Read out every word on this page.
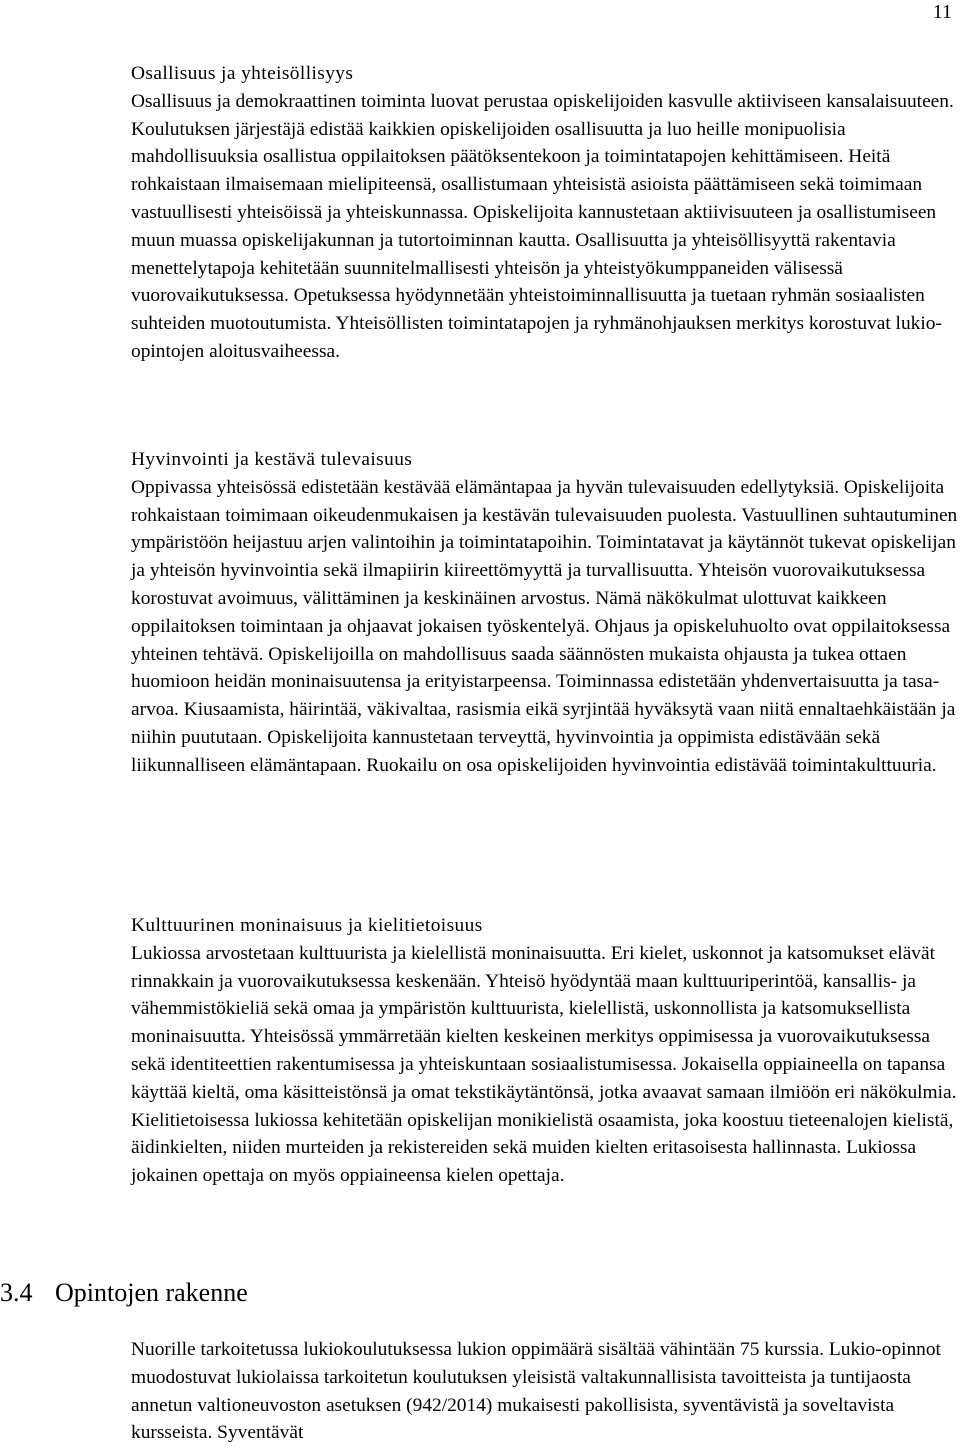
11

Osallisuus ja yhteisöllisyys

Osallisuus ja demokraattinen toiminta luovat perustaa opiskelijoiden kasvulle aktiiviseen kansalaisuuteen. Koulutuksen järjestäjä edistää kaikkien opiskelijoiden osallisuutta ja luo heille monipuolisia mahdollisuuksia osallistua oppilaitoksen päätöksentekoon ja toimintatapojen kehittämiseen. Heitä rohkaistaan ilmaisemaan mielipiteensä, osallistumaan yhteisistä asioista päättämiseen sekä toimimaan vastuullisesti yhteisöissä ja yhteiskunnassa. Opiskelijoita kannustetaan aktiivisuuteen ja osallistumiseen muun muassa opiskelijakunnan ja tutortoiminnan kautta. Osallisuutta ja yhteisöllisyyttä rakentavia menettelytapoja kehitetään suunnitelmallisesti yhteisön ja yhteistyökumppaneiden välisessä vuorovaikutuksessa. Opetuksessa hyödynnetään yhteistoiminnallisuutta ja tuetaan ryhmän sosiaalisten suhteiden muotoutumista. Yhteisöllisten toimintatapojen ja ryhmänohjauksen merkitys korostuvat lukio-opintojen aloitusvaiheessa.

Hyvinvointi ja kestävä tulevaisuus

Oppivassa yhteisössä edistetään kestävää elämäntapaa ja hyvän tulevaisuuden edellytyksiä. Opiskelijoita rohkaistaan toimimaan oikeudenmukaisen ja kestävän tulevaisuuden puolesta. Vastuullinen suhtautuminen ympäristöön heijastuu arjen valintoihin ja toimintatapoihin. Toimintatavat ja käytännöt tukevat opiskelijan ja yhteisön hyvinvointia sekä ilmapiirin kiireettömyyttä ja turvallisuutta. Yhteisön vuorovaikutuksessa korostuvat avoimuus, välittäminen ja keskinäinen arvostus. Nämä näkökulmat ulottuvat kaikkeen oppilaitoksen toimintaan ja ohjaavat jokaisen työskentelyä. Ohjaus ja opiskeluhuolto ovat oppilaitoksessa yhteinen tehtävä. Opiskelijoilla on mahdollisuus saada säännösten mukaista ohjausta ja tukea ottaen huomioon heidän moninaisuutensa ja erityistarpeensa. Toiminnassa edistetään yhdenvertaisuutta ja tasa-arvoa. Kiusaamista, häirintää, väkivaltaa, rasismia eikä syrjintää hyväksytä vaan niitä ennaltaehkäistään ja niihin puututaan. Opiskelijoita kannustetaan terveyttä, hyvinvointia ja oppimista edistävään sekä liikunnalliseen elämäntapaan. Ruokailu on osa opiskelijoiden hyvinvointia edistävää toimintakulttuuria.

Kulttuurinen moninaisuus ja kielitietoisuus

Lukiossa arvostetaan kulttuurista ja kielellistä moninaisuutta. Eri kielet, uskonnot ja katsomukset elävät rinnakkain ja vuorovaikutuksessa keskenään. Yhteisö hyödyntää maan kulttuuriperintöä, kansallis- ja vähemmistökieliä sekä omaa ja ympäristön kulttuurista, kielellistä, uskonnollista ja katsomuksellista moninaisuutta. Yhteisössä ymmärretään kielten keskeinen merkitys oppimisessa ja vuorovaikutuksessa sekä identiteettien rakentumisessa ja yhteiskuntaan sosiaalistumisessa. Jokaisella oppiaineella on tapansa käyttää kieltä, oma käsitteistönsä ja omat tekstikäytäntönsä, jotka avaavat samaan ilmiöön eri näkökulmia. Kielitietoisessa lukiossa kehitetään opiskelijan monikielistä osaamista, joka koostuu tieteenalojen kielistä, äidinkielten, niiden murteiden ja rekistereiden sekä muiden kielten eritasoisesta hallinnasta. Lukiossa jokainen opettaja on myös oppiaineensa kielen opettaja.

3.4 Opintojen rakenne

Nuorille tarkoitetussa lukiokoulutuksessa lukion oppimäärä sisältää vähintään 75 kurssia. Lukio-opinnot muodostuvat lukiolaissa tarkoitetun koulutuksen yleisistä valtakunnallisista tavoitteista ja tuntijaosta annetun valtioneuvoston asetuksen (942/2014) mukaisesti pakollisista, syventävistä ja soveltavista kursseista. Syventävät
